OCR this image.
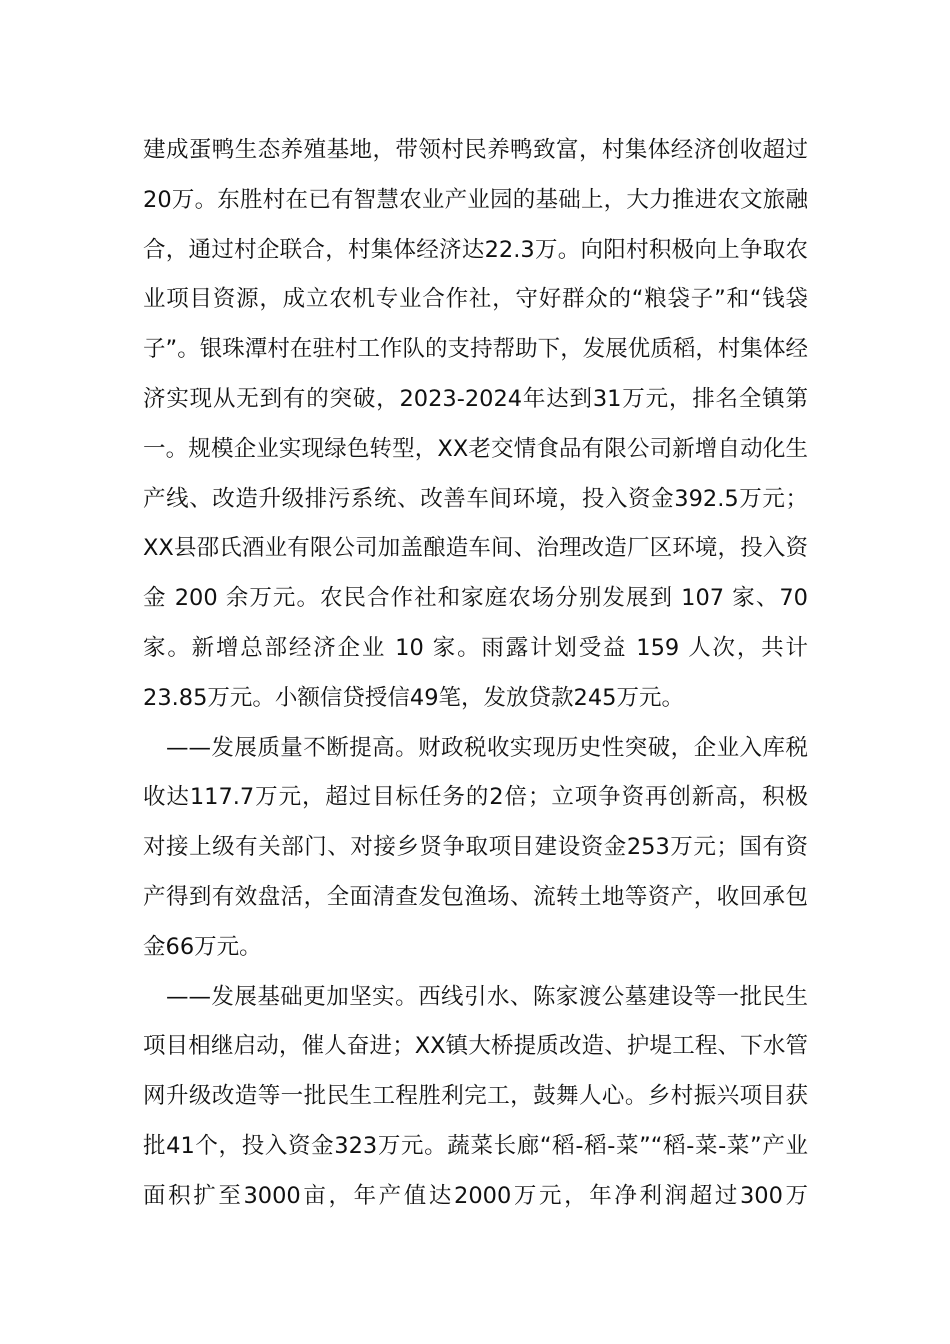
建成蛋鸭生态养殖基地，带领村民养鸭致富，村集体经济创收超过
20万。东胜村在已有智慧农业产业园的基础上，大力推进农文旅融
合，通过村企联合，村集体经济达22.3万。向阳村积极向上争取农
业项目资源，成立农机专业合作社，守好群众的“粮袋子”和“钱袋
子”。银珠潭村在驻村工作队的支持帮助下，发展优质稻，村集体经
济实现从无到有的突破，2023-2024年达到31万元，排名全镇第
一。规模企业实现绿色转型，XX老交情食品有限公司新增自动化生
产线、改造升级排污系统、改善车间环境，投入资金392.5万元；
XX县邵氏酒业有限公司加盖酿造车间、治理改造厂区环境，投入资
金 200 余万元。农民合作社和家庭农场分别发展到 107 家、70
家。新增总部经济企业 10 家。雨露计划受益 159 人次，共计
23.85万元。小额信贷授信49笔，发放贷款245万元。
　——发展质量不断提高。财政税收实现历史性突破，企业入库税
收达117.7万元，超过目标任务的2倍；立项争资再创新高，积极
对接上级有关部门、对接乡贤争取项目建设资金253万元；国有资
产得到有效盘活，全面清查发包渔场、流转土地等资产，收回承包
金66万元。
　——发展基础更加坚实。西线引水、陈家渡公墓建设等一批民生
项目相继启动，催人奋进；XX镇大桥提质改造、护堤工程、下水管
网升级改造等一批民生工程胜利完工，鼓舞人心。乡村振兴项目获
批41个，投入资金323万元。蔬菜长廊“稻-稻-菜”“稻-菜-菜”产业
面积扩至3000亩，年产值达2000万元，年净利润超过300万
